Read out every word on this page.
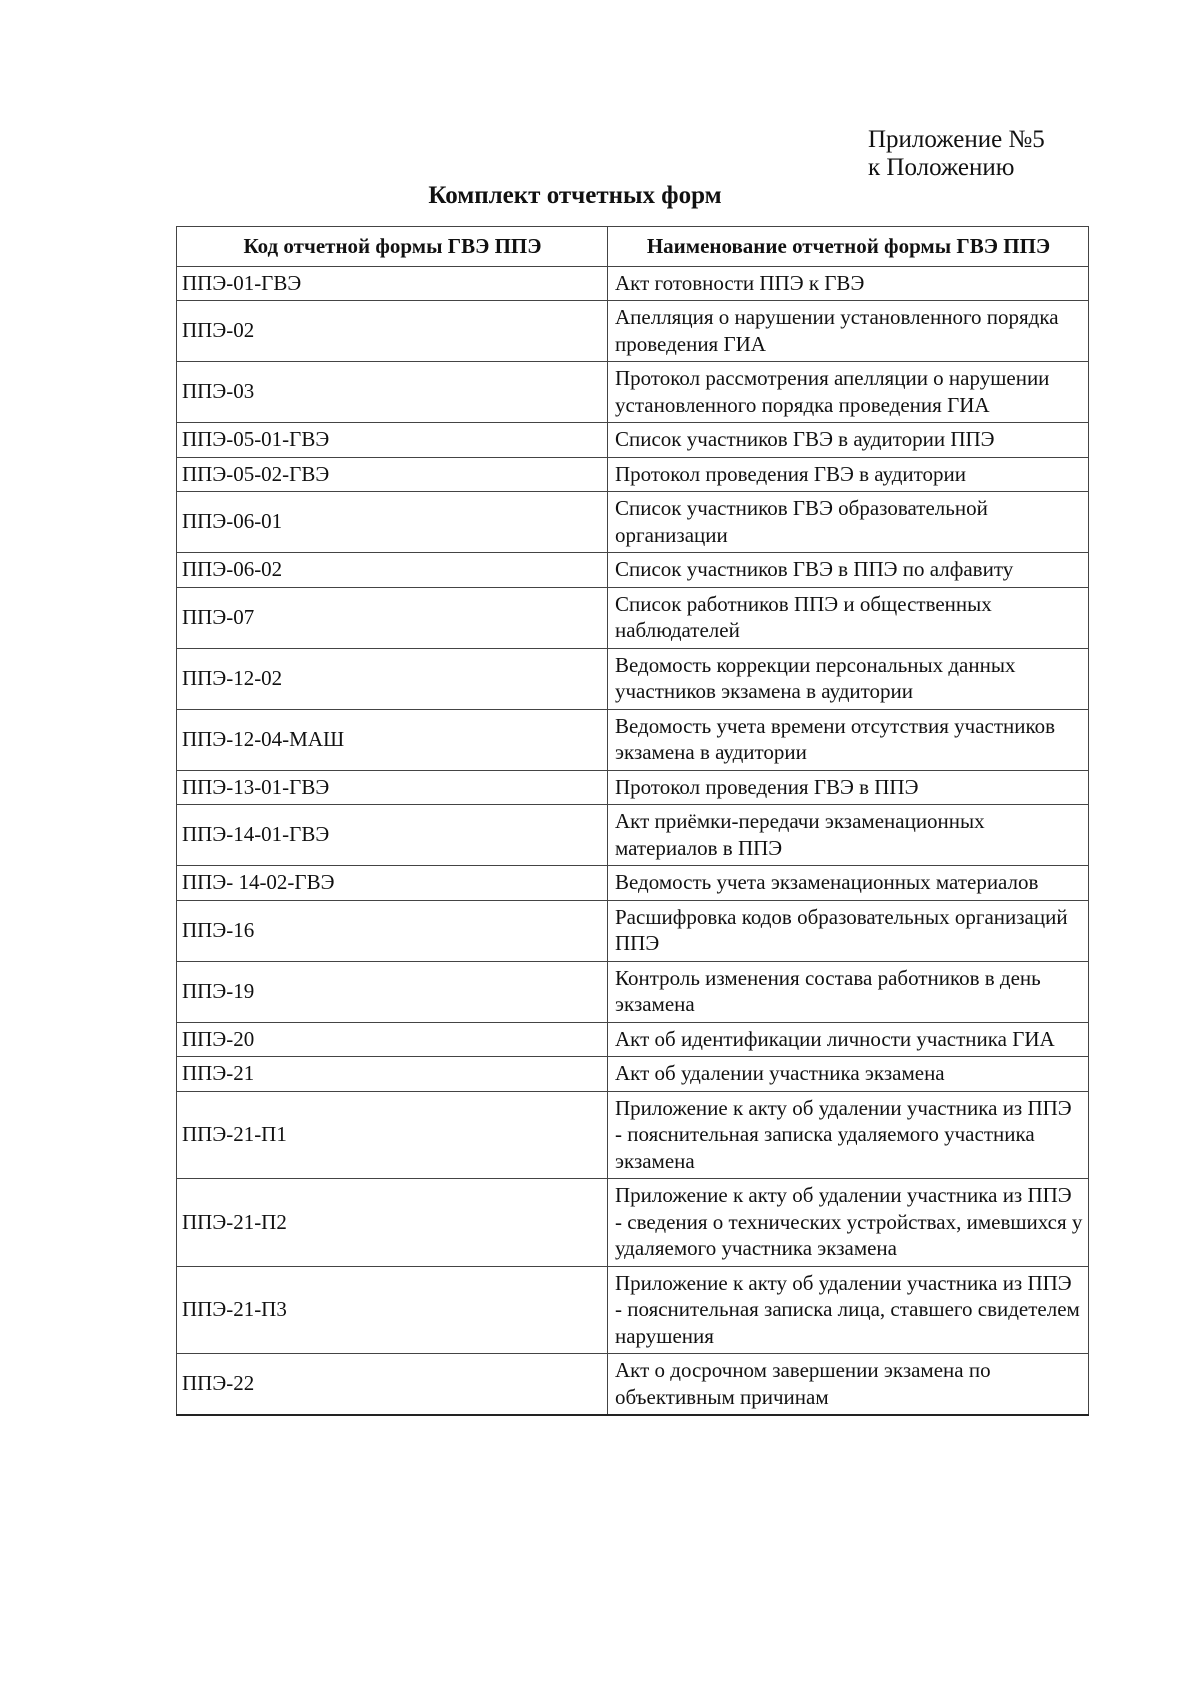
Приложение №5
к Положению
Комплект отчетных форм
Код отчетной формы ГВЭ ППЭ	Наименование отчетной формы ГВЭ ППЭ
ППЭ-01-ГВЭ	Акт готовности ППЭ к ГВЭ
ППЭ-02	Апелляция о нарушении установленного порядка проведения ГИА
ППЭ-03	Протокол рассмотрения апелляции о нарушении установленного порядка проведения ГИА
ППЭ-05-01-ГВЭ	Список участников ГВЭ в аудитории ППЭ
ППЭ-05-02-ГВЭ	Протокол проведения ГВЭ в аудитории
ППЭ-06-01	Список участников ГВЭ образовательной организации
ППЭ-06-02	Список участников ГВЭ в ППЭ по алфавиту
ППЭ-07	Список работников ППЭ и общественных наблюдателей
ППЭ-12-02	Ведомость коррекции персональных данных участников экзамена в аудитории
ППЭ-12-04-МАШ	Ведомость учета времени отсутствия участников экзамена в аудитории
ППЭ-13-01-ГВЭ	Протокол проведения ГВЭ в ППЭ
ППЭ-14-01-ГВЭ	Акт приёмки-передачи экзаменационных материалов в ППЭ
ППЭ- 14-02-ГВЭ	Ведомость учета экзаменационных материалов
ППЭ-16	Расшифровка кодов образовательных организаций ППЭ
ППЭ-19	Контроль изменения состава работников в день экзамена
ППЭ-20	Акт об идентификации личности участника ГИА
ППЭ-21	Акт об удалении участника экзамена
ППЭ-21-П1	Приложение к акту об удалении участника из ППЭ - пояснительная записка удаляемого участника экзамена
ППЭ-21-П2	Приложение к акту об удалении участника из ППЭ - сведения о технических устройствах, имевшихся у удаляемого участника экзамена
ППЭ-21-П3	Приложение к акту об удалении участника из ППЭ - пояснительная записка лица, ставшего свидетелем нарушения
ППЭ-22	Акт о досрочном завершении экзамена по объективным причинам
